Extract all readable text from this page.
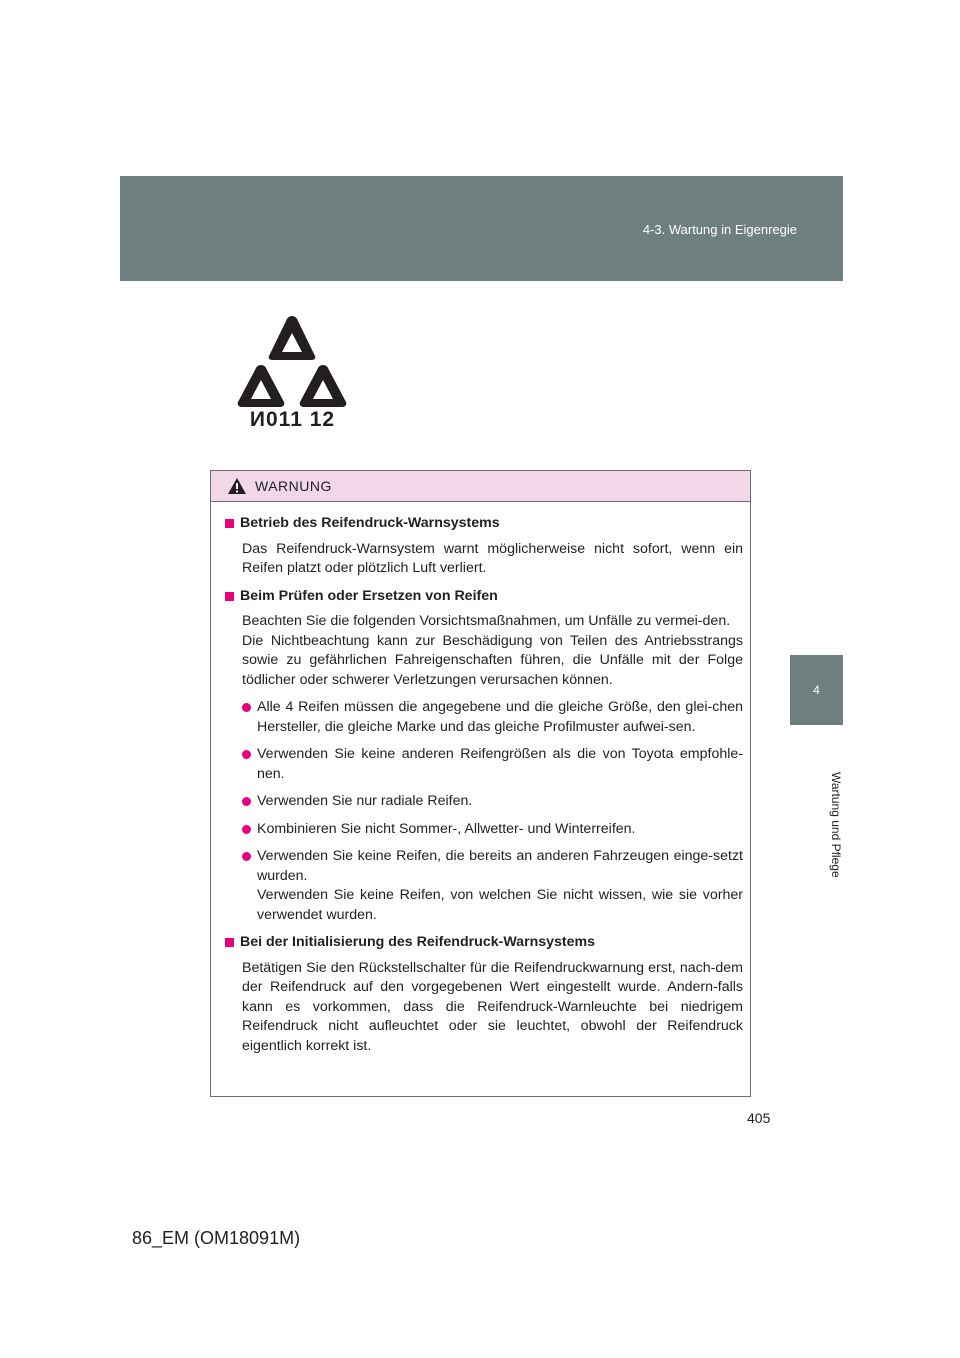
4-3. Wartung in Eigenregie
4
Wartung und Pflege
И011 12
WARNUNG

Betrieb des Reifendruck-Warnsystems

Das Reifendruck-Warnsystem warnt möglicherweise nicht sofort, wenn ein Reifen platzt oder plötzlich Luft verliert.

Beim Prüfen oder Ersetzen von Reifen

Beachten Sie die folgenden Vorsichtsmaßnahmen, um Unfälle zu vermei-den.

Die Nichtbeachtung kann zur Beschädigung von Teilen des Antriebsstrangs sowie zu gefährlichen Fahreigenschaften führen, die Unfälle mit der Folge tödlicher oder schwerer Verletzungen verursachen können.

Alle 4 Reifen müssen die angegebene und die gleiche Größe, den glei-chen Hersteller, die gleiche Marke und das gleiche Profilmuster aufwei-sen.
Verwenden Sie keine anderen Reifengrößen als die von Toyota empfohle-nen.
Verwenden Sie nur radiale Reifen.
Kombinieren Sie nicht Sommer-, Allwetter- und Winterreifen.
Verwenden Sie keine Reifen, die bereits an anderen Fahrzeugen einge-setzt wurden.
Verwenden Sie keine Reifen, von welchen Sie nicht wissen, wie sie vorher verwendet wurden.

Bei der Initialisierung des Reifendruck-Warnsystems

Betätigen Sie den Rückstellschalter für die Reifendruckwarnung erst, nach-dem der Reifendruck auf den vorgegebenen Wert eingestellt wurde. Andern-falls kann es vorkommen, dass die Reifendruck-Warnleuchte bei niedrigem Reifendruck nicht aufleuchtet oder sie leuchtet, obwohl der Reifendruck eigentlich korrekt ist.

405
86_EM (OM18091M)
